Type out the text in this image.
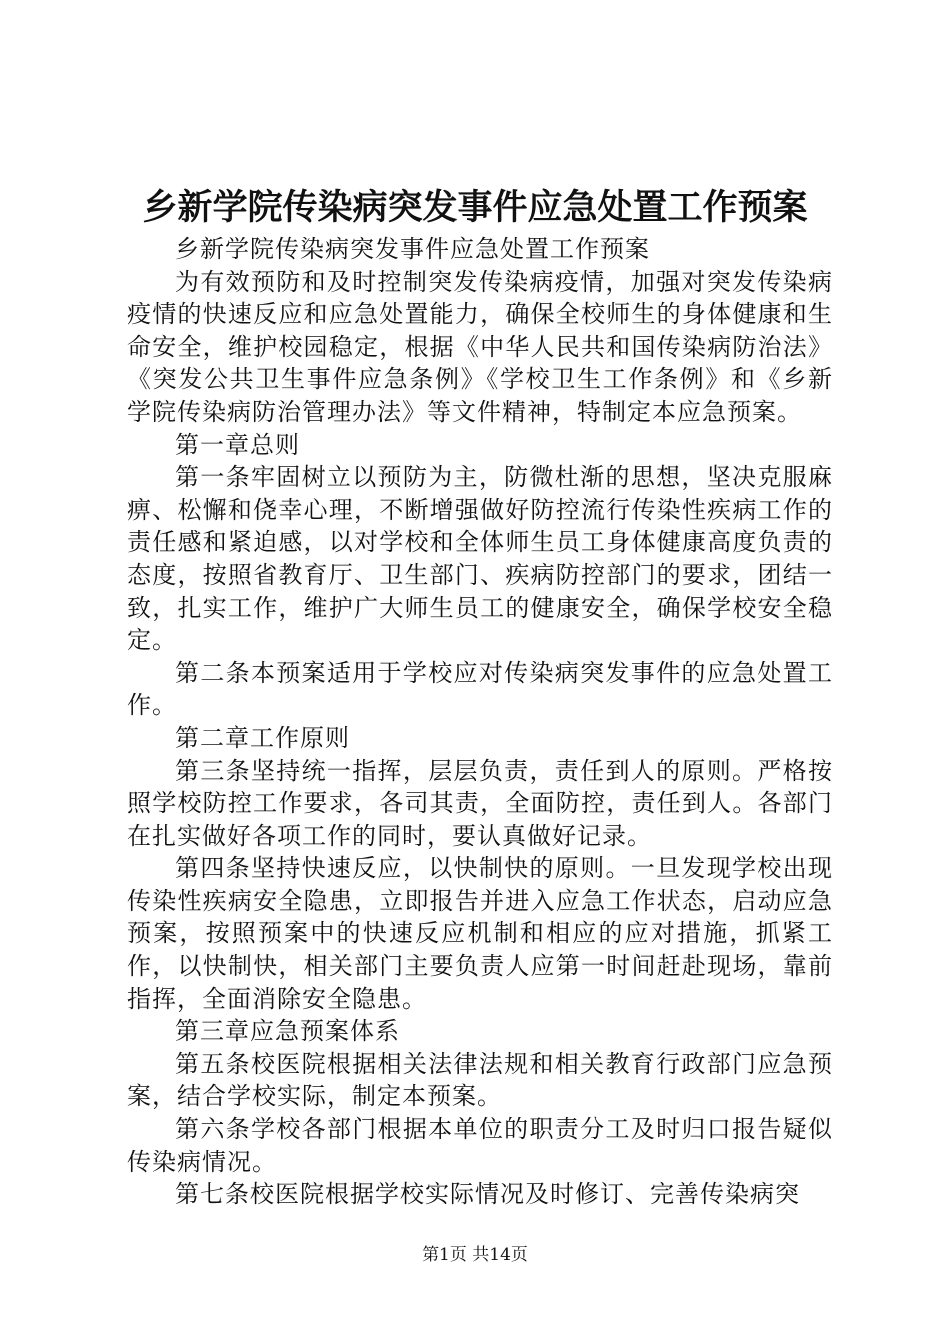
乡新学院传染病突发事件应急处置工作预案

乡新学院传染病突发事件应急处置工作预案

为有效预防和及时控制突发传染病疫情，加强对突发传染病疫情的快速反应和应急处置能力，确保全校师生的身体健康和生命安全，维护校园稳定，根据《中华人民共和国传染病防治法》《突发公共卫生事件应急条例》《学校卫生工作条例》和《乡新学院传染病防治管理办法》等文件精神，特制定本应急预案。

第一章总则

第一条牢固树立以预防为主，防微杜渐的思想，坚决克服麻痹、松懈和侥幸心理，不断增强做好防控流行传染性疾病工作的责任感和紧迫感，以对学校和全体师生员工身体健康高度负责的态度，按照省教育厅、卫生部门、疾病防控部门的要求，团结一致，扎实工作，维护广大师生员工的健康安全，确保学校安全稳定。

第二条本预案适用于学校应对传染病突发事件的应急处置工作。

第二章工作原则

第三条坚持统一指挥，层层负责，责任到人的原则。严格按照学校防控工作要求，各司其责，全面防控，责任到人。各部门在扎实做好各项工作的同时，要认真做好记录。

第四条坚持快速反应，以快制快的原则。一旦发现学校出现传染性疾病安全隐患，立即报告并进入应急工作状态，启动应急预案，按照预案中的快速反应机制和相应的应对措施，抓紧工作，以快制快，相关部门主要负责人应第一时间赶赴现场，靠前指挥，全面消除安全隐患。

第三章应急预案体系

第五条校医院根据相关法律法规和相关教育行政部门应急预案，结合学校实际，制定本预案。

第六条学校各部门根据本单位的职责分工及时归口报告疑似传染病情况。

第七条校医院根据学校实际情况及时修订、完善传染病突

第1页 共14页
